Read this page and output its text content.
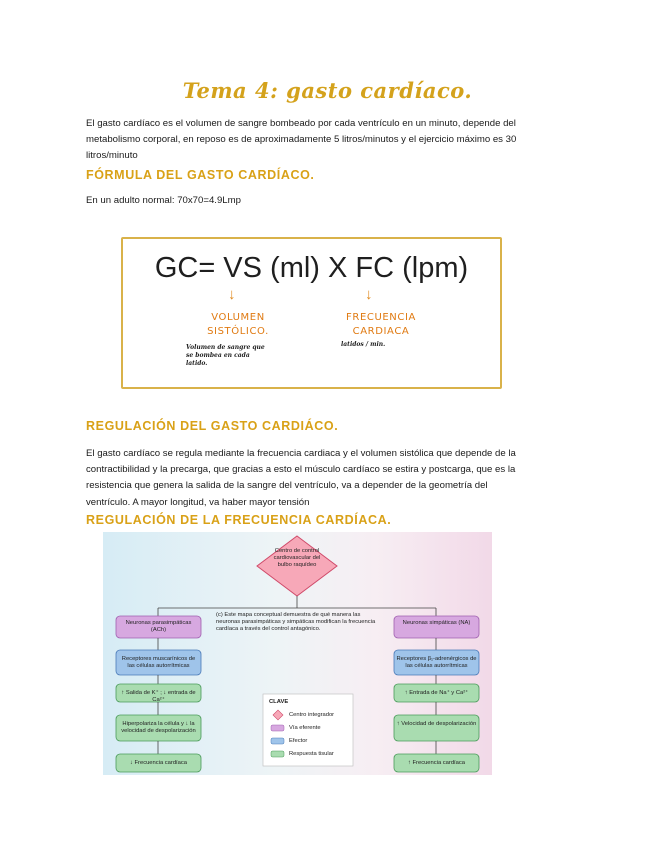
Tema 4: gasto cardíaco.
El gasto cardíaco es el volumen de sangre bombeado por cada ventrículo en un minuto, depende del metabolismo corporal, en reposo es de aproximadamente 5 litros/minutos y el ejercicio máximo es 30 litros/minuto
FÓRMULA DEL GASTO CARDÍACO.
En un adulto normal: 70x70=4.9Lmp
GC= VS (ml) X FC (lpm)
↓	↓
VOLUMEN
SISTÓLICO.
FRECUENCIA
CARDIACA
Volumen de sangre que
se bombea en cada
latido.
latidos / min.
REGULACIÓN DEL GASTO CARDIÁCO.
El gasto cardíaco se regula mediante la frecuencia cardiaca y el volumen sistólica que depende de la contractibilidad y la precarga, que gracias a esto el músculo cardíaco se estira y postcarga, que es la resistencia que genera la salida de la sangre del ventrículo, va a depender de la geometría del ventrículo. A mayor longitud, va haber mayor tensión
REGULACIÓN DE LA FRECUENCIA CARDÍACA.
Centro de control cardiovascular del bulbo raquídeo
(c) Este mapa conceptual demuestra de qué manera las neuronas parasimpáticas y simpáticas modifican la frecuencia cardíaca a través del control antagónico.
Neuronas parasimpáticas (ACh)
Receptores muscarínicos de las células autorrítmicas
↑ Salida de K⁺ ; ↓ entrada de Ca²⁺
Hiperpolariza la célula y ↓ la velocidad de despolarización
↓ Frecuencia cardíaca
Neuronas simpáticas (NA)
Receptores β₁-adrenérgicos de las células autorrítmicas
↑ Entrada de Na⁺ y Ca²⁺
↑ Velocidad de despolarización
↑ Frecuencia cardíaca
CLAVE
Centro integrador
Vía eferente
Efector
Respuesta tisular
